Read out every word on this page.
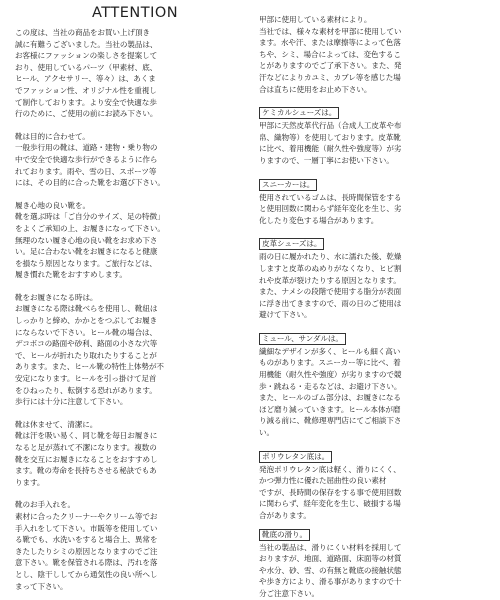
ATTENTION
この度は、当社の商品をお買い上げ頂き
誠に有難うございました。当社の製品は、
お客様にファッションの楽しさを提案して
おり、使用しているパーツ（甲素材、底、
ヒール、アクセサリー、等々）は、あくま
でファッション性、オリジナル性を重視し
て制作しております。より安全で快適な歩
行のために、ご使用の前にお読み下さい。
靴は目的に合わせて。
一般歩行用の靴は、道路・建物・乗り物の
中で安全で快適な歩行ができるように作ら
れております。雨や、雪の日、スポーツ等
には、その目的に合った靴をお選び下さい。
履き心地の良い靴を。
靴を選ぶ時は「ご自分のサイズ、足の特徴」
をよくご承知の上、お履きになって下さい。
無理のない履き心地の良い靴をお求め下さ
い。足に合わない靴をお履きになると健康
を損なう原因となります。ご旅行などは、
履き慣れた靴をおすすめします。
靴をお履きになる時は。
お履きになる際は靴べらを使用し、靴紐は
しっかりと締め、かかとをつぶしてお履き
にならないで下さい。ヒール靴の場合は、
デコボコの路面や砂利、路面の小さな穴等
で、ヒールが折れたり取れたりすることが
あります。また、ヒール靴の特性上体勢が不
安定になります。ヒールを引っ掛けて足首
をひねったり、転倒する恐れがあります。
歩行には十分に注意して下さい。
靴は休ませて、清潔に。
靴は汗を吸い易く、同じ靴を毎日お履きに
なると足が蒸れて不潔になります。複数の
靴を交互にお履きになることをおすすめし
ます。靴の寿命を長持ちさせる秘訣でもあ
ります。
靴のお手入れを。
素材に合ったクリーナーやクリーム等でお
手入れをして下さい。市販等を使用してい
る靴でも、水洗いをすると場合上、異常を
きたしたりシミの原因となりますのでご注
意下さい。靴を保管される際は、汚れを落
とし、陰干ししてから通気性の良い所へし
まって下さい。
甲部に使用している素材により。
当社では、様々な素材を甲部に使用してい
ます。水や汗、または摩擦等によって色落
ちや、シミ、場合によっては、変色するこ
とがありますのでご了承下さい。また、発
汗などによりカユミ、カブレ等を感じた場
合は直ちに使用をお止め下さい。
ケミカルシューズは。
甲部に天然皮革代行品（合成人工皮革や布
帛、織物等）を使用しております。皮革靴
に比べ、着用機能（耐久性や強度等）が劣
りますので、一層丁寧にお使い下さい。
スニーカーは。
使用されているゴムは、長時間保管をする
と使用回数に関わらず経年変化を生じ、劣
化したり変色する場合があります。
皮革シューズは。
雨の日に履かれたり、水に濡れた後、乾燥
しますと皮革のぬめりがなくなり、ヒビ割
れや皮革が裂けたりする原因となります。
また、ナメシの段階で使用する脂分が表面
に浮き出てきますので、雨の日のご使用は
避けて下さい。
ミュール、サンダルは。
繊細なデザインが多く、ヒールも細く高い
ものがあります。スニーカー等に比べ、着
用機能（耐久性や強度）が劣りますので競
歩・跳ねる・走るなどは、お避け下さい。
また、ヒールのゴム部分は、お履きになる
ほど磨り減っていきます。ヒール本体が磨
り減る前に、靴修理専門店にてご相談下さ
い。
ポリウレタン底は。
発泡ポリウレタン底は軽く、滑りにくく、
かつ弾力性に優れた屈曲性の良い素材
ですが、長時間の保存をする事で使用回数
に関わらず、経年変化を生じ、破損する場
合があります。
靴底の滑り。
当社の製品は、滑りにくい材料を採用して
おりますが、地面、道路面、床面等の材質
や水分、砂、雪、の有無と靴底の接触状態
や歩き方により、滑る事がありますので十
分ご注意下さい。
